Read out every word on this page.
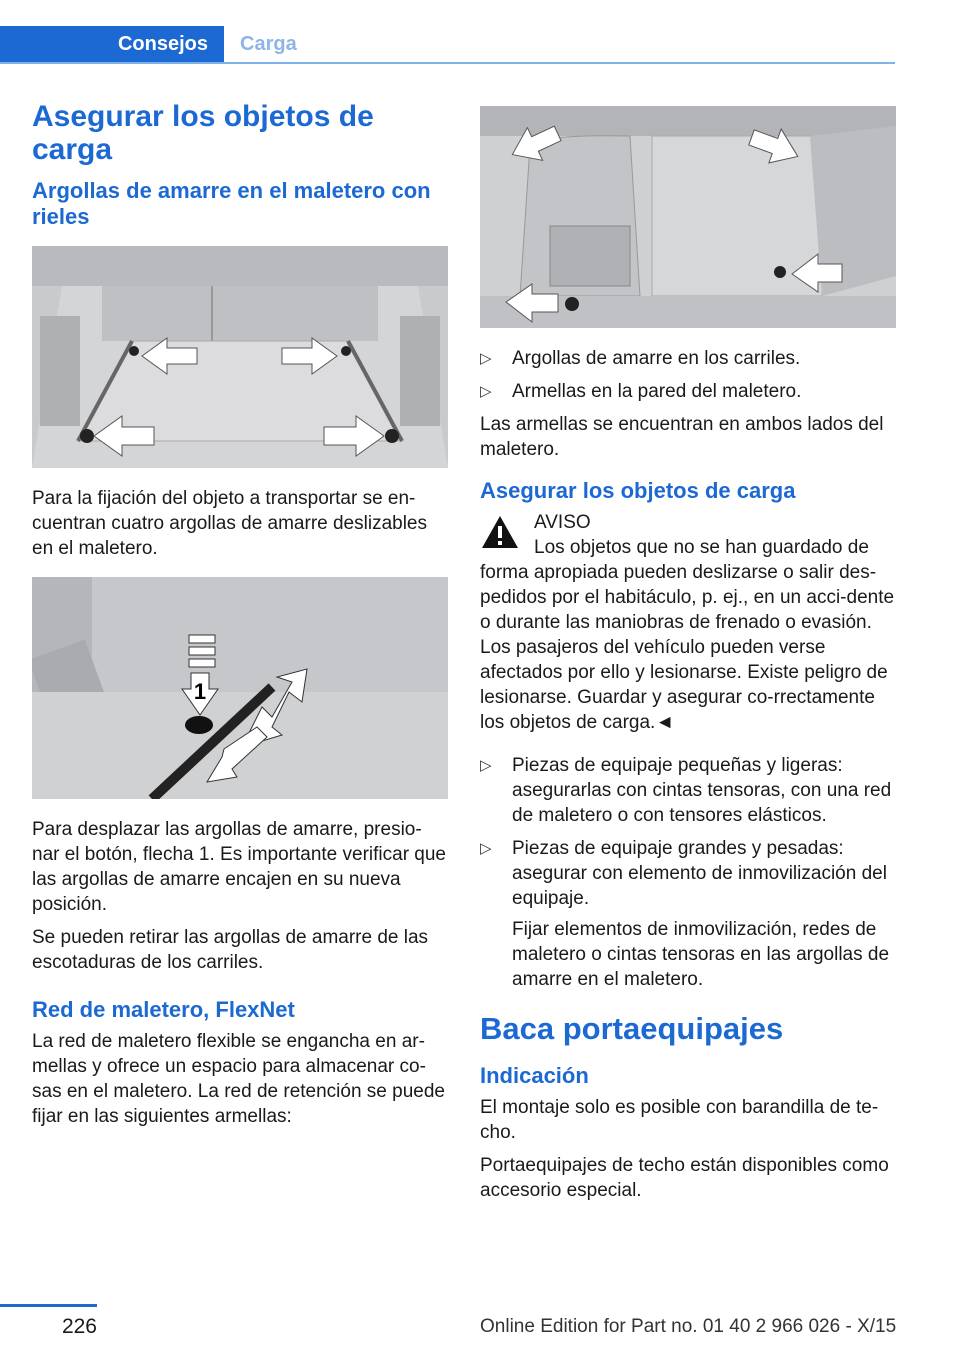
Consejos	Carga
Asegurar los objetos de carga
Argollas de amarre en el maletero con rieles

Para la fijación del objeto a transportar se en-cuentran cuatro argollas de amarre deslizables en el maletero.

1

Para desplazar las argollas de amarre, presio-nar el botón, flecha 1. Es importante verificar que las argollas de amarre encajen en su nueva posición.

Se pueden retirar las argollas de amarre de las escotaduras de los carriles.

Red de maletero, FlexNet

La red de maletero flexible se engancha en ar-mellas y ofrece un espacio para almacenar co-sas en el maletero. La red de retención se puede fijar en las siguientes armellas:

▷ Argollas de amarre en los carriles.
▷ Armellas en la pared del maletero.

Las armellas se encuentran en ambos lados del maletero.

Asegurar los objetos de carga
AVISO

Los objetos que no se han guardado de forma apropiada pueden deslizarse o salir des-pedidos por el habitáculo, p. ej., en un acci-dente o durante las maniobras de frenado o evasión. Los pasajeros del vehículo pueden verse afectados por ello y lesionarse. Existe peligro de lesionarse. Guardar y asegurar co-rrectamente los objetos de carga.◄

▷ Piezas de equipaje pequeñas y ligeras: asegurarlas con cintas tensoras, con una red de maletero o con tensores elásticos.
▷ Piezas de equipaje grandes y pesadas: asegurar con elemento de inmovilización del equipaje.

Fijar elementos de inmovilización, redes de maletero o cintas tensoras en las argollas de amarre en el maletero.

Baca portaequipajes
Indicación

El montaje solo es posible con barandilla de te-cho.

Portaequipajes de techo están disponibles como accesorio especial.

226	Online Edition for Part no. 01 40 2 966 026 - X/15
